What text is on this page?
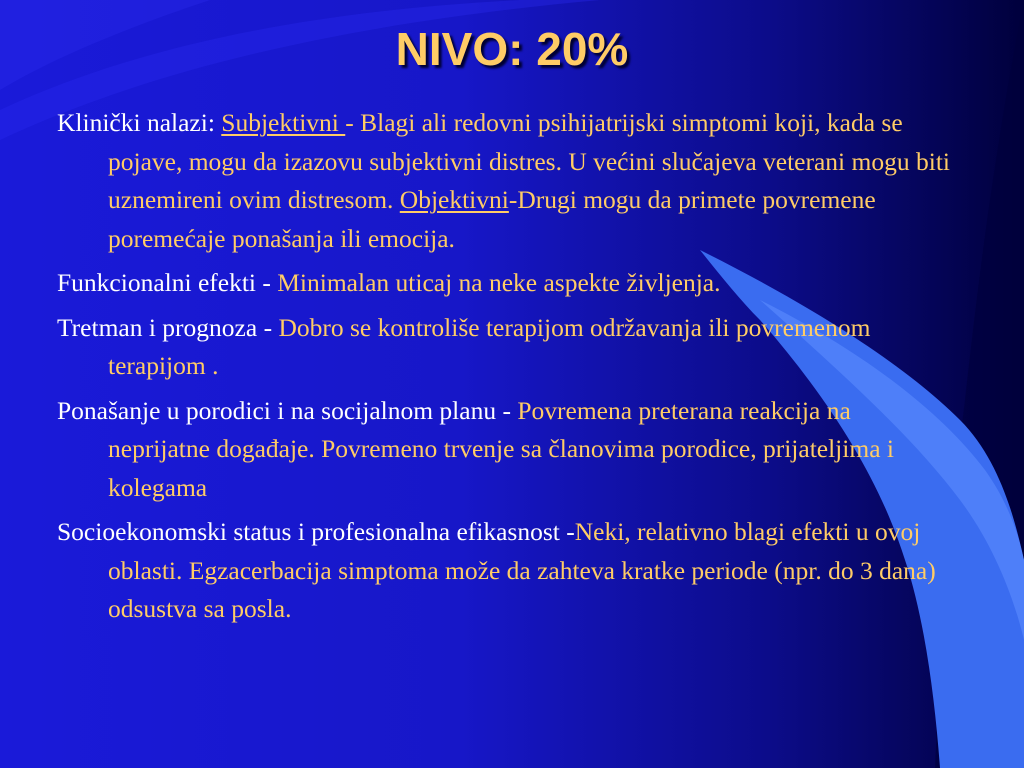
NIVO: 20%
Klinički nalazi: Subjektivni - Blagi ali redovni psihijatrijski simptomi koji, kada se pojave, mogu da izazovu subjektivni distres. U većini slučajeva veterani mogu biti uznemireni ovim distresom. Objektivni-Drugi mogu da primete povremene poremećaje ponašanja ili emocija.
Funkcionalni efekti - Minimalan uticaj na neke aspekte življenja.
Tretman i prognoza - Dobro se kontroliše terapijom održavanja ili povremenom terapijom .
Ponašanje u porodici i na socijalnom planu - Povremena preterana reakcija na neprijatne događaje. Povremeno trvenje sa članovima porodice, prijateljima i kolegama
Socioekonomski status i profesionalna efikasnost -Neki, relativno blagi efekti u ovoj oblasti. Egzacerbacija simptoma može da zahteva kratke periode (npr. do 3 dana) odsustva sa posla.
